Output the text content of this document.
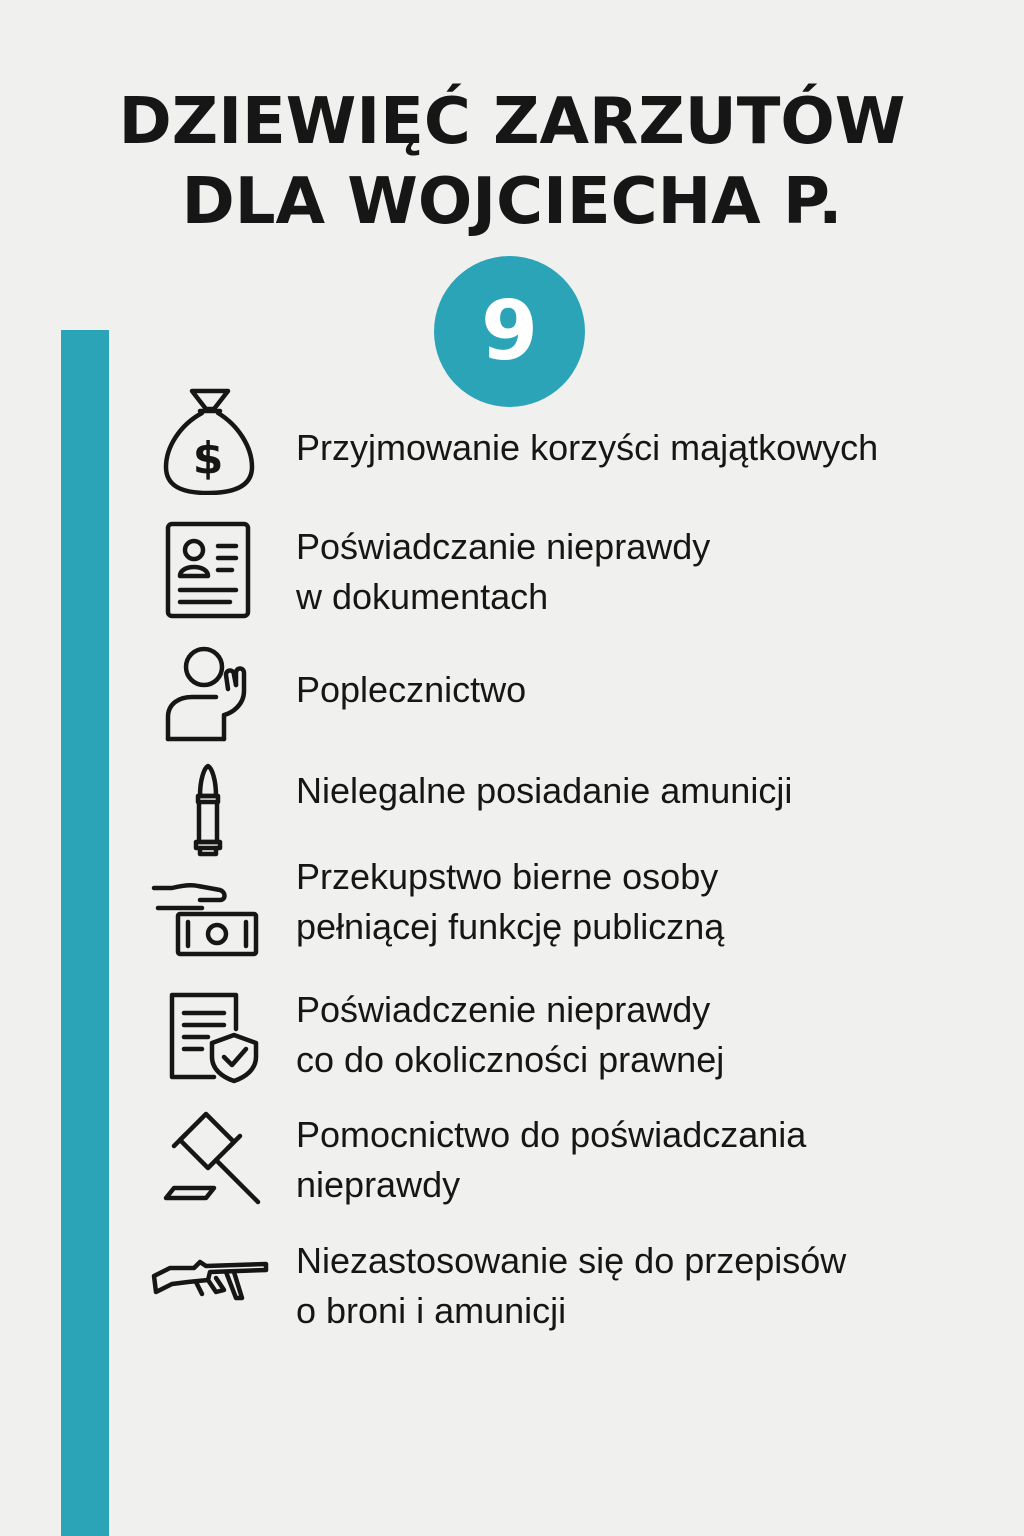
DZIEWIĘĆ ZARZUTÓW
DLA WOJCIECHA P.
9
$ Przyjmowanie korzyści majątkowych
Poświadczanie nieprawdy
w dokumentach
Poplecznictwo
Nielegalne posiadanie amunicji
Przekupstwo bierne osoby
pełniącej funkcję publiczną
Poświadczenie nieprawdy
co do okoliczności prawnej
Pomocnictwo do poświadczania
nieprawdy
Niezastosowanie się do przepisów
o broni i amunicji
